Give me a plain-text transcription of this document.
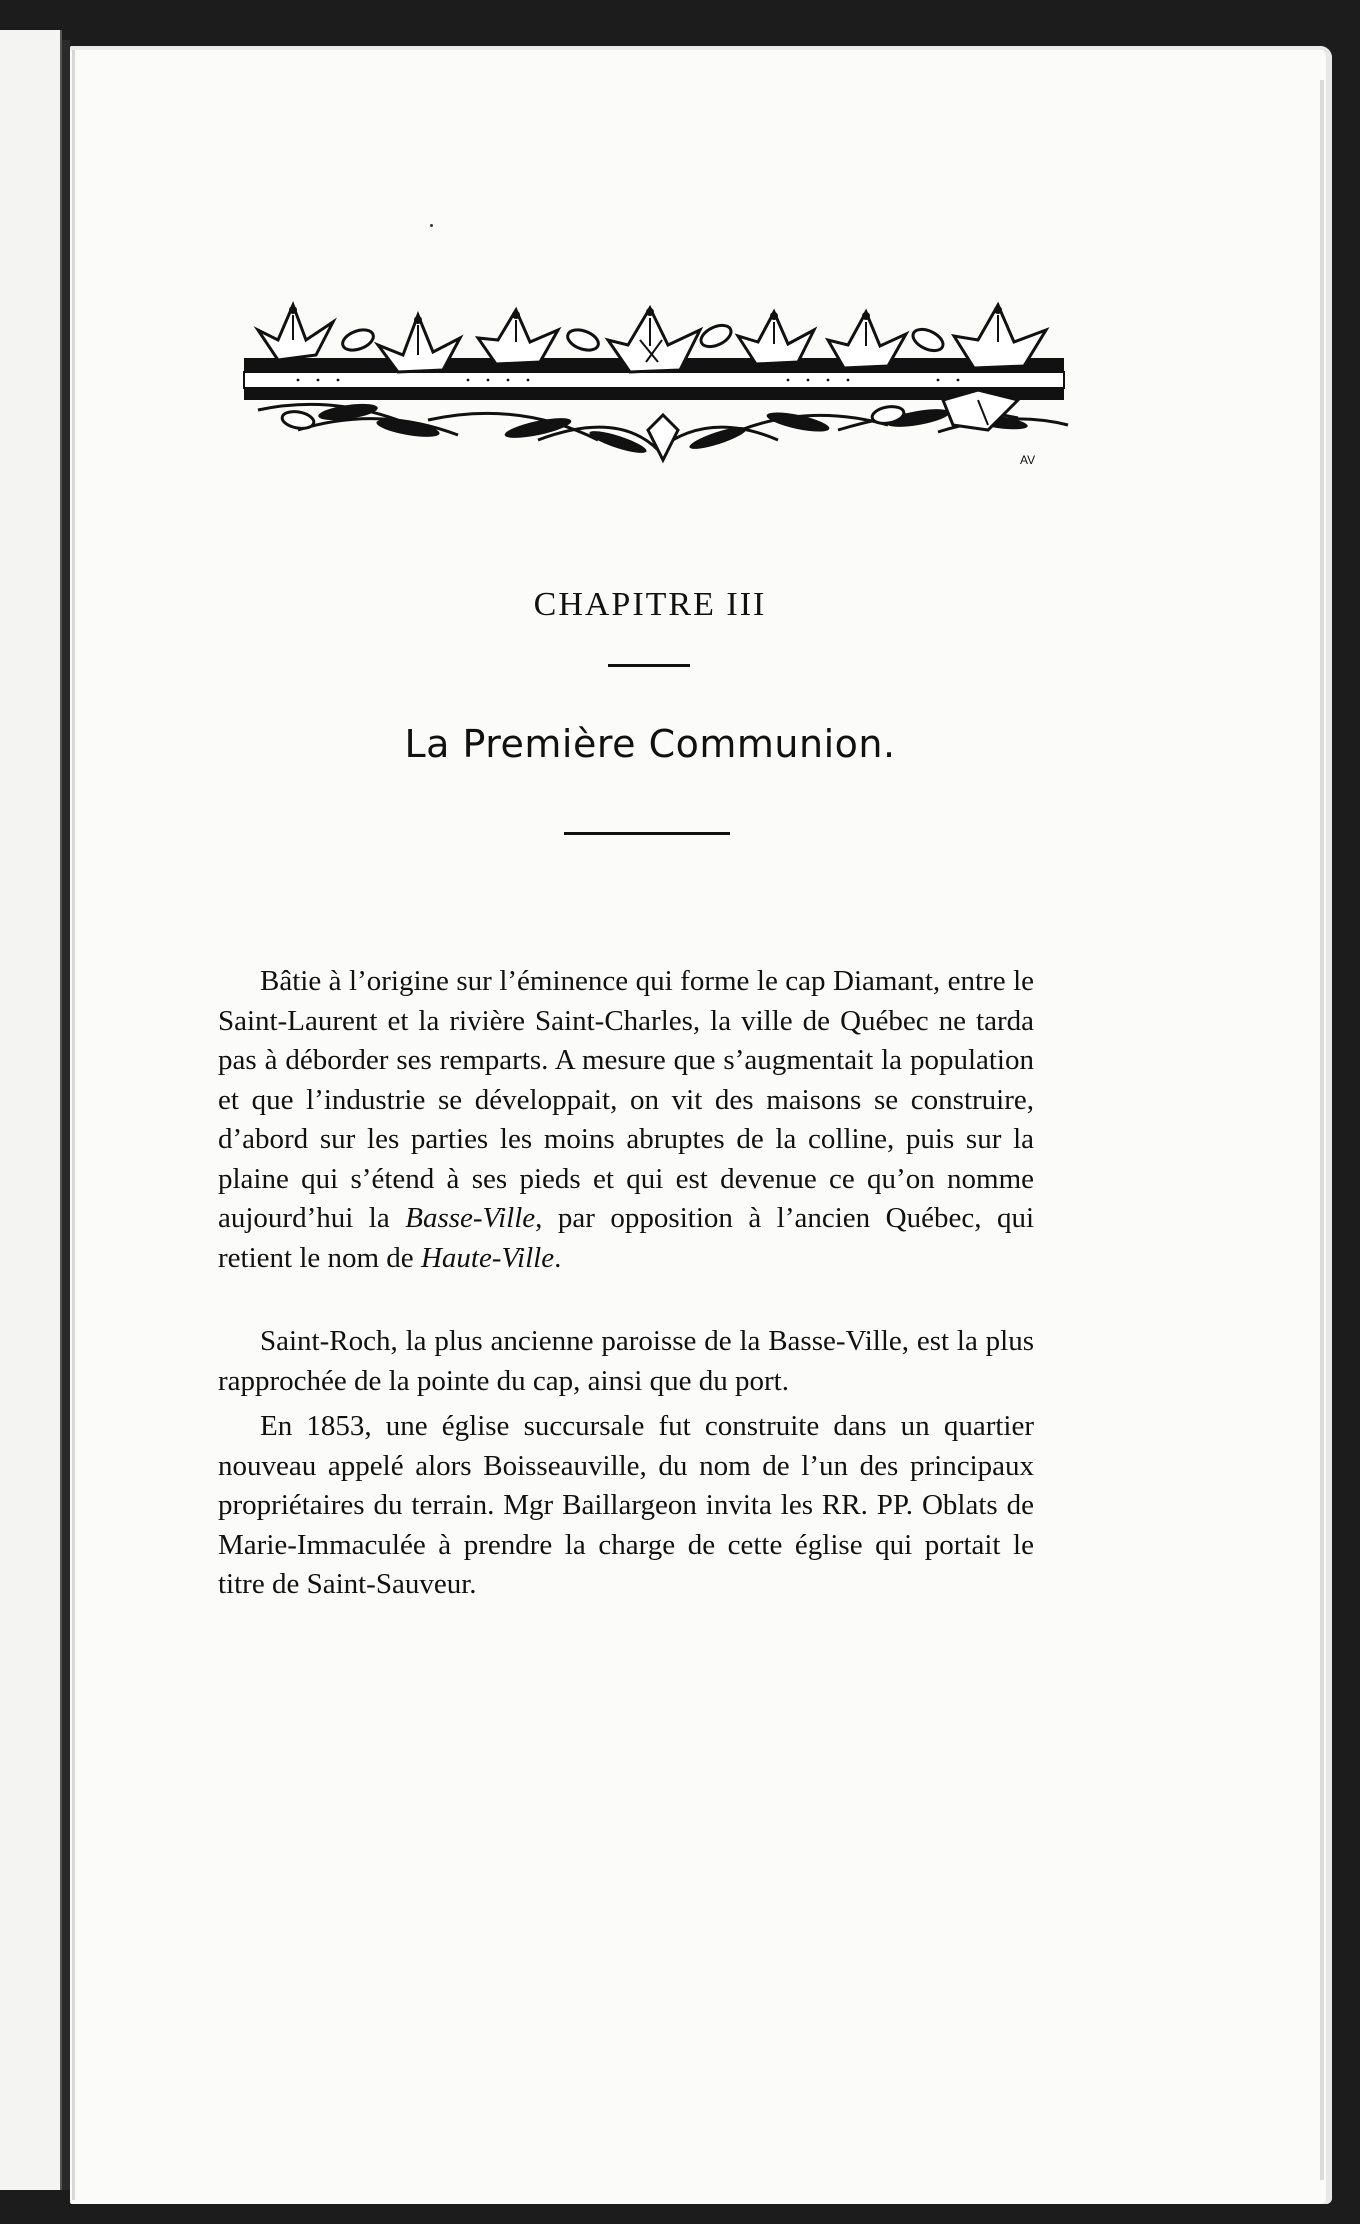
AV
CHAPITRE III
La Première Communion.

Bâtie à l’origine sur l’éminence qui forme le cap Diamant, entre le Saint-Laurent et la rivière Saint-Charles, la ville de Québec ne tarda pas à déborder ses remparts. A mesure que s’augmentait la population et que l’industrie se développait, on vit des maisons se construire, d’abord sur les parties les moins abruptes de la colline, puis sur la plaine qui s’étend à ses pieds et qui est devenue ce qu’on nomme aujourd’hui la Basse-Ville, par opposition à l’ancien Québec, qui retient le nom de Haute-Ville.

Saint-Roch, la plus ancienne paroisse de la Basse-Ville, est la plus rapprochée de la pointe du cap, ainsi que du port.

En 1853, une église succursale fut construite dans un quartier nouveau appelé alors Boisseauville, du nom de l’un des principaux propriétaires du terrain. Mgr Baillargeon invita les RR. PP. Oblats de Marie-Immaculée à prendre la charge de cette église qui portait le titre de Saint-Sauveur.
